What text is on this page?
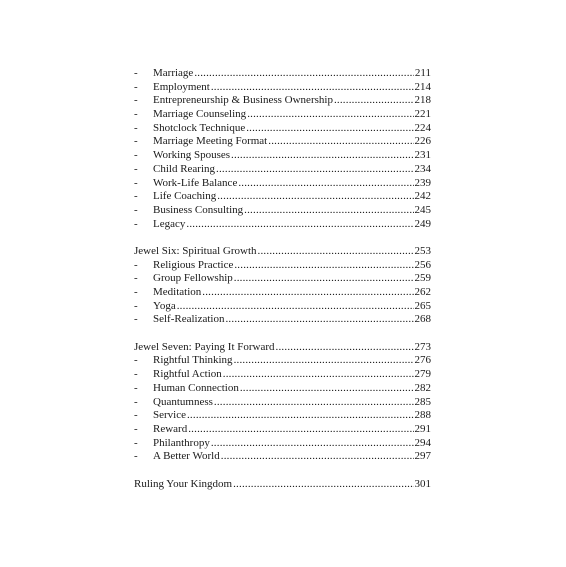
-	Marriage .....	211
-	Employment .....	214
-	Entrepreneurship & Business Ownership .....	218
-	Marriage Counseling .....	221
-	Shotclock Technique .....	224
-	Marriage Meeting Format .....	226
-	Working Spouses .....	231
-	Child Rearing .....	234
-	Work-Life Balance .....	239
-	Life Coaching .....	242
-	Business Consulting .....	245
-	Legacy .....	249
Jewel Six: Spiritual Growth .....	253
-	Religious Practice .....	256
-	Group Fellowship .....	259
-	Meditation .....	262
-	Yoga .....	265
-	Self-Realization .....	268
Jewel Seven: Paying It Forward .....	273
-	Rightful Thinking .....	276
-	Rightful Action .....	279
-	Human Connection .....	282
-	Quantumness .....	285
-	Service .....	288
-	Reward .....	291
-	Philanthropy .....	294
-	A Better World .....	297
Ruling Your Kingdom .....	301
